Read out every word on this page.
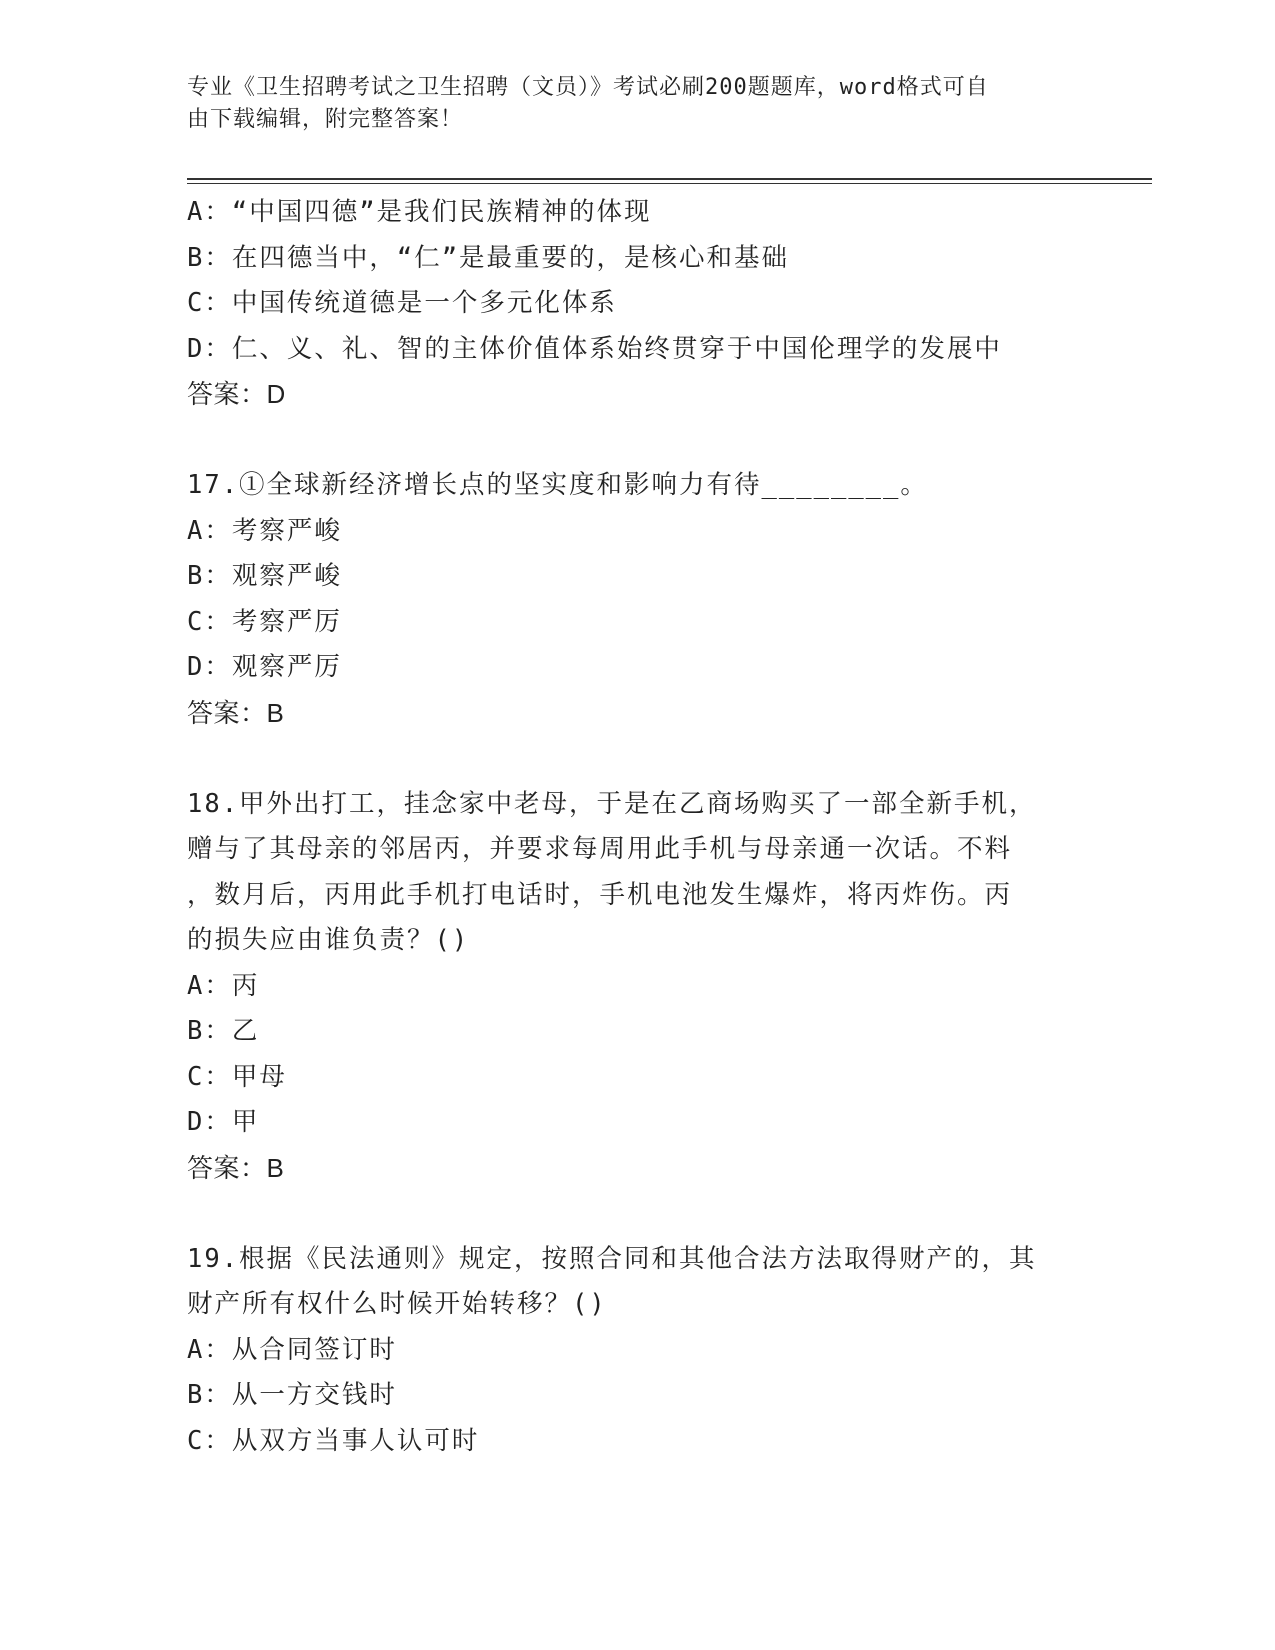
专业《卫生招聘考试之卫生招聘（文员）》考试必刷200题题库，word格式可自
由下载编辑，附完整答案！
A：“中国四德”是我们民族精神的体现
B：在四德当中，“仁”是最重要的，是核心和基础
C：中国传统道德是一个多元化体系
D：仁、义、礼、智的主体价值体系始终贯穿于中国伦理学的发展中
答案：D
17.①全球新经济增长点的坚实度和影响力有待________。
A：考察严峻
B：观察严峻
C：考察严厉
D：观察严厉
答案：B
18.甲外出打工，挂念家中老母，于是在乙商场购买了一部全新手机，
赠与了其母亲的邻居丙，并要求每周用此手机与母亲通一次话。不料
，数月后，丙用此手机打电话时，手机电池发生爆炸，将丙炸伤。丙
的损失应由谁负责？()
A：丙
B：乙
C：甲母
D：甲
答案：B
19.根据《民法通则》规定，按照合同和其他合法方法取得财产的，其
财产所有权什么时候开始转移？()
A：从合同签订时
B：从一方交钱时
C：从双方当事人认可时
